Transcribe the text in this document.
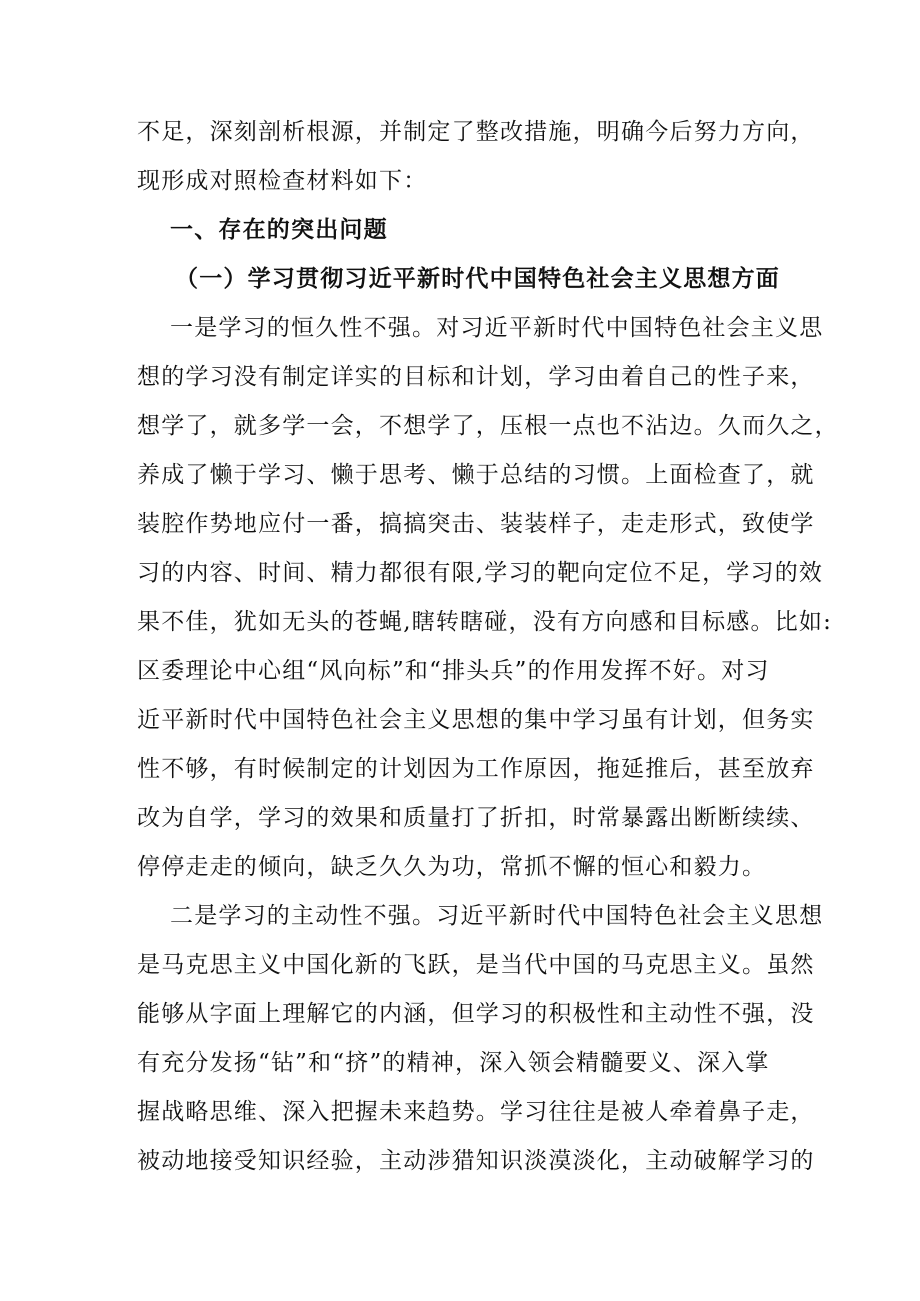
不足，深刻剖析根源，并制定了整改措施，明确今后努力方向，
现形成对照检查材料如下：
一、存在的突出问题
（一）学习贯彻习近平新时代中国特色社会主义思想方面
一是学习的恒久性不强。对习近平新时代中国特色社会主义思
想的学习没有制定详实的目标和计划，学习由着自己的性子来，
想学了，就多学一会，不想学了，压根一点也不沾边。久而久之，
养成了懒于学习、懒于思考、懒于总结的习惯。上面检查了，就
装腔作势地应付一番，搞搞突击、装装样子，走走形式，致使学
习的内容、时间、精力都很有限,学习的靶向定位不足，学习的效
果不佳，犹如无头的苍蝇,瞎转瞎碰，没有方向感和目标感。比如:
区委理论中心组“风向标”和“排头兵”的作用发挥不好。对习
近平新时代中国特色社会主义思想的集中学习虽有计划，但务实
性不够，有时候制定的计划因为工作原因，拖延推后，甚至放弃
改为自学，学习的效果和质量打了折扣，时常暴露出断断续续、
停停走走的倾向，缺乏久久为功，常抓不懈的恒心和毅力。
二是学习的主动性不强。习近平新时代中国特色社会主义思想
是马克思主义中国化新的飞跃，是当代中国的马克思主义。虽然
能够从字面上理解它的内涵，但学习的积极性和主动性不强，没
有充分发扬“钻”和“挤”的精神，深入领会精髓要义、深入掌
握战略思维、深入把握未来趋势。学习往往是被人牵着鼻子走，
被动地接受知识经验，主动涉猎知识淡漠淡化，主动破解学习的
